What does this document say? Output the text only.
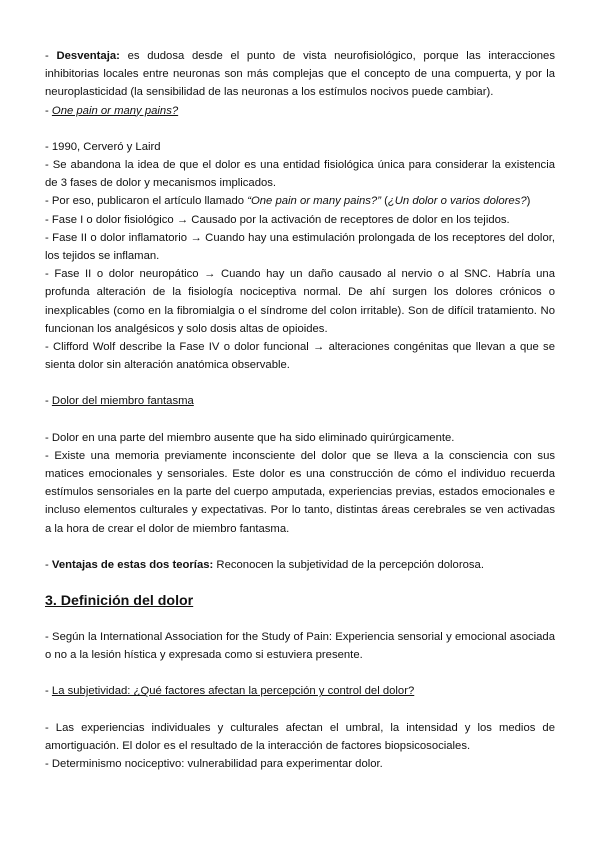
- Desventaja: es dudosa desde el punto de vista neurofisiológico, porque las interacciones inhibitorias locales entre neuronas son más complejas que el concepto de una compuerta, y por la neuroplasticidad (la sensibilidad de las neuronas a los estímulos nocivos puede cambiar).

- One pain or many pains?

- 1990, Cerveró y Laird

- Se abandona la idea de que el dolor es una entidad fisiológica única para considerar la existencia de 3 fases de dolor y mecanismos implicados.

- Por eso, publicaron el artículo llamado “One pain or many pains?” (¿Un dolor o varios dolores?)

- Fase I o dolor fisiológico → Causado por la activación de receptores de dolor en los tejidos.

- Fase II o dolor inflamatorio → Cuando hay una estimulación prolongada de los receptores del dolor, los tejidos se inflaman.

- Fase II o dolor neuropático → Cuando hay un daño causado al nervio o al SNC. Habría una profunda alteración de la fisiología nociceptiva normal. De ahí surgen los dolores crónicos o inexplicables (como en la fibromialgia o el síndrome del colon irritable). Son de difícil tratamiento. No funcionan los analgésicos y solo dosis altas de opioides.

- Clifford Wolf describe la Fase IV o dolor funcional → alteraciones congénitas que llevan a que se sienta dolor sin alteración anatómica observable.

- Dolor del miembro fantasma

- Dolor en una parte del miembro ausente que ha sido eliminado quirúrgicamente.

- Existe una memoria previamente inconsciente del dolor que se lleva a la consciencia con sus matices emocionales y sensoriales. Este dolor es una construcción de cómo el individuo recuerda estímulos sensoriales en la parte del cuerpo amputada, experiencias previas, estados emocionales e incluso elementos culturales y expectativas. Por lo tanto, distintas áreas cerebrales se ven activadas a la hora de crear el dolor de miembro fantasma.

- Ventajas de estas dos teorías: Reconocen la subjetividad de la percepción dolorosa.

3. Definición del dolor

- Según la International Association for the Study of Pain: Experiencia sensorial y emocional asociada o no a la lesión hística y expresada como si estuviera presente.

- La subjetividad: ¿Qué factores afectan la percepción y control del dolor?

- Las experiencias individuales y culturales afectan el umbral, la intensidad y los medios de amortiguación. El dolor es el resultado de la interacción de factores biopsicosociales.

- Determinismo nociceptivo: vulnerabilidad para experimentar dolor.
